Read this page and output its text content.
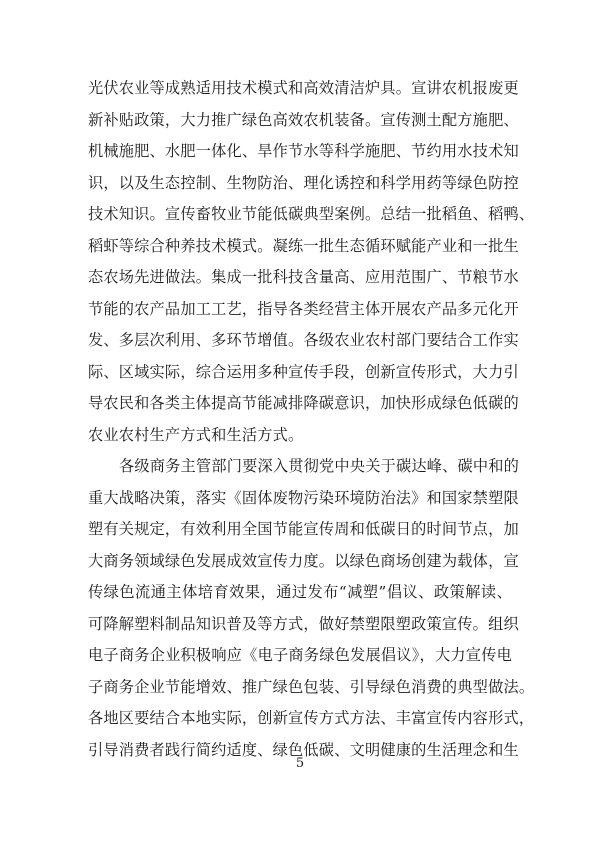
光伏农业等成熟适用技术模式和高效清洁炉具。宣讲农机报废更
新补贴政策，大力推广绿色高效农机装备。宣传测土配方施肥、
机械施肥、水肥一体化、旱作节水等科学施肥、节约用水技术知
识，以及生态控制、生物防治、理化诱控和科学用药等绿色防控
技术知识。宣传畜牧业节能低碳典型案例。总结一批稻鱼、稻鸭、
稻虾等综合种养技术模式。凝练一批生态循环赋能产业和一批生
态农场先进做法。集成一批科技含量高、应用范围广、节粮节水
节能的农产品加工工艺，指导各类经营主体开展农产品多元化开
发、多层次利用、多环节增值。各级农业农村部门要结合工作实
际、区域实际，综合运用多种宣传手段，创新宣传形式，大力引
导农民和各类主体提高节能减排降碳意识，加快形成绿色低碳的
农业农村生产方式和生活方式。
各级商务主管部门要深入贯彻党中央关于碳达峰、碳中和的
重大战略决策，落实《固体废物污染环境防治法》和国家禁塑限
塑有关规定，有效利用全国节能宣传周和低碳日的时间节点，加
大商务领域绿色发展成效宣传力度。以绿色商场创建为载体，宣
传绿色流通主体培育效果，通过发布“减塑”倡议、政策解读、
可降解塑料制品知识普及等方式，做好禁塑限塑政策宣传。组织
电子商务企业积极响应《电子商务绿色发展倡议》，大力宣传电
子商务企业节能增效、推广绿色包装、引导绿色消费的典型做法。
各地区要结合本地实际，创新宣传方式方法、丰富宣传内容形式，
引导消费者践行简约适度、绿色低碳、文明健康的生活理念和生
5
